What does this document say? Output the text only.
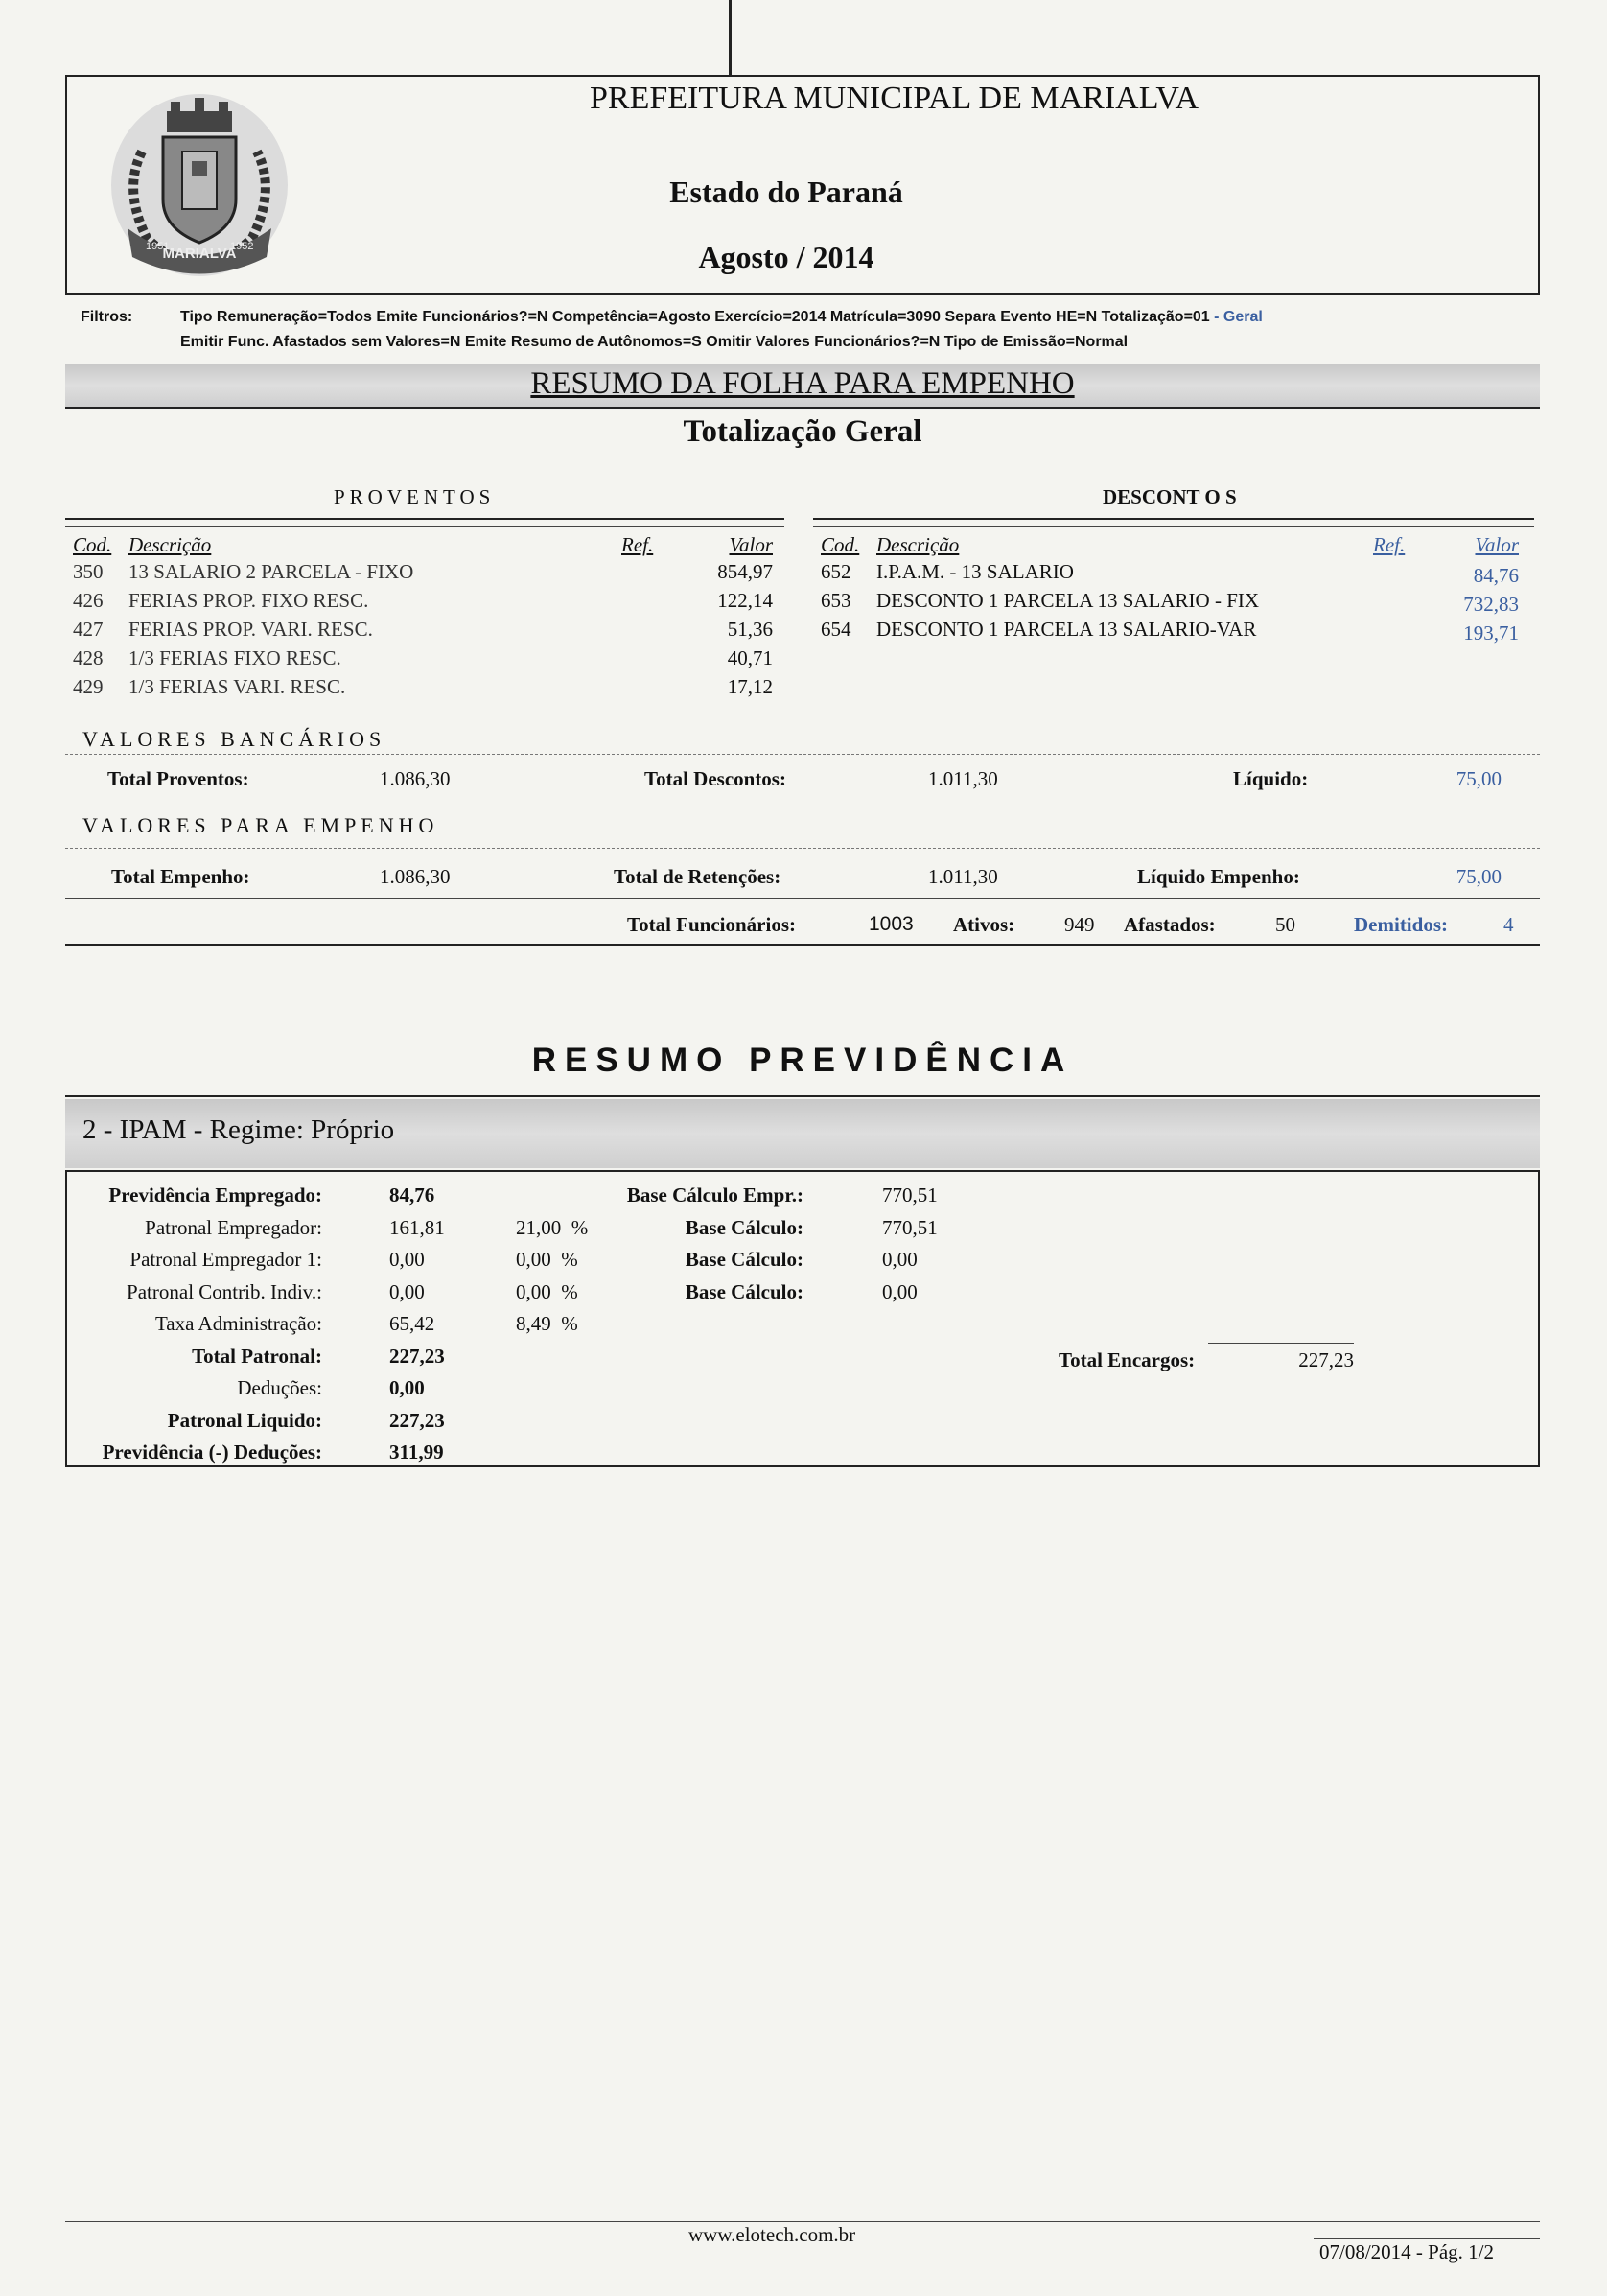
MARIALVA
1951	1952
PREFEITURA MUNICIPAL DE MARIALVA
Estado do Paraná
Agosto / 2014
Filtros:	Tipo Remuneração=Todos Emite Funcionários?=N Competência=Agosto Exercício=2014 Matrícula=3090 Separa Evento HE=N Totalização=01 - Geral
Emitir Func. Afastados sem Valores=N Emite Resumo de Autônomos=S Omitir Valores Funcionários?=N Tipo de Emissão=Normal
RESUMO DA FOLHA PARA EMPENHO
Totalização Geral
PROVENTOS	DESCONT O S
Cod. Descrição	Ref.	Valor
350 13 SALARIO 2 PARCELA - FIXO	854,97
426 FERIAS PROP. FIXO RESC.	122,14
427 FERIAS PROP. VARI. RESC.	51,36
428 1/3 FERIAS FIXO RESC.	40,71
429 1/3 FERIAS VARI. RESC.	17,12
Cod. Descrição	Ref.	Valor
652 I.P.A.M. - 13 SALARIO	84,76
653 DESCONTO 1 PARCELA 13 SALARIO - FIX	732,83
654 DESCONTO 1 PARCELA 13 SALARIO-VAR	193,71
VALORES BANCÁRIOS
Total Proventos:	1.086,30	Total Descontos:	1.011,30	Líquido:	75,00
VALORES PARA EMPENHO
Total Empenho:	1.086,30	Total de Retenções:	1.011,30	Líquido Empenho:	75,00
Total Funcionários:	1003 Ativos: 949 Afastados:	50	Demitidos:	4
RESUMO PREVIDÊNCIA
2 - IPAM - Regime: Próprio
Previdência Empregado:	84,76	Base Cálculo Empr.:	770,51
Patronal Empregador:	161,81	21,00  %	Base Cálculo:	770,51
Patronal Empregador 1:	0,00	0,00  %	Base Cálculo:	0,00
Patronal Contrib. Indiv.:	0,00	0,00  %	Base Cálculo:	0,00
Taxa Administração:	65,42	8,49  %
Total Patronal:	227,23
Deduções:	0,00
Patronal Liquido:	227,23
Previdência (-) Deduções:	311,99
Total Encargos:	227,23
www.elotech.com.br
07/08/2014 - Pág. 1/2
